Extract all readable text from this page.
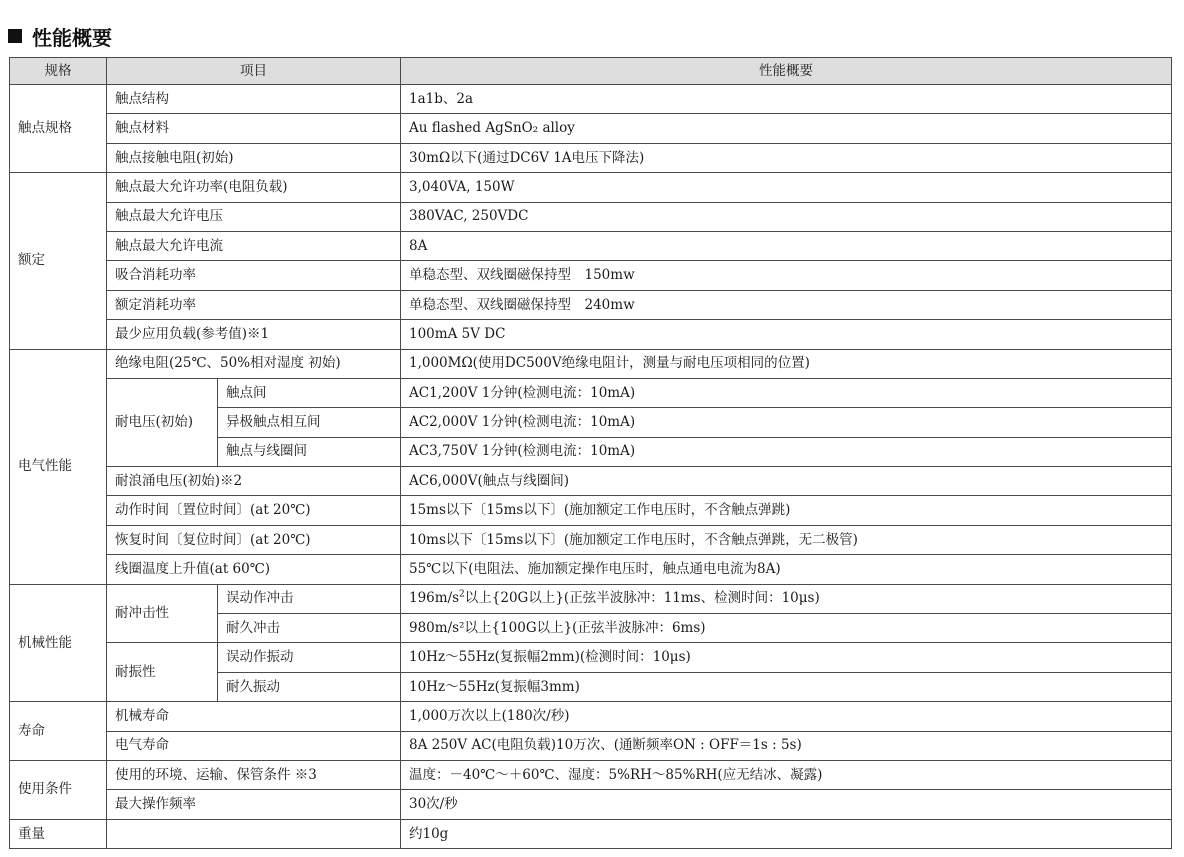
性能概要
规格	项目		性能概要
触点规格	触点结构		1a1b、2a
	触点材料		Au flashed AgSnO₂ alloy
	触点接触电阻(初始)		30mΩ以下(通过DC6V 1A电压下降法)
额定	触点最大允许功率(电阻负载)		3,040VA, 150W
	触点最大允许电压		380VAC, 250VDC
	触点最大允许电流		8A
	吸合消耗功率		单稳态型、双线圈磁保持型　150mw
	额定消耗功率		单稳态型、双线圈磁保持型　240mw
	最少应用负载(参考值)※1		100mA 5V DC
电气性能	绝缘电阻(25℃、50%相对湿度 初始)		1,000MΩ(使用DC500V绝缘电阻计，测量与耐电压项相同的位置)
	耐电压(初始)	触点间	AC1,200V 1分钟(检测电流：10mA)
		异极触点相互间	AC2,000V 1分钟(检测电流：10mA)
		触点与线圈间	AC3,750V 1分钟(检测电流：10mA)
	耐浪涌电压(初始)※2		AC6,000V(触点与线圈间)
	动作时间〔置位时间〕(at 20℃)		15ms以下〔15ms以下〕(施加额定工作电压时，不含触点弹跳)
	恢复时间〔复位时间〕(at 20℃)		10ms以下〔15ms以下〕(施加额定工作电压时，不含触点弹跳，无二极管)
	线圈温度上升值(at 60℃)		55℃以下(电阻法、施加额定操作电压时，触点通电电流为8A)
机械性能	耐冲击性	误动作冲击	$196m/s^2$以上{20G以上}(正弦半波脉冲：11ms、检测时间：10μs)
		耐久冲击	980m/s²以上{100G以上}(正弦半波脉冲：6ms)
	耐振性	误动作振动	10Hz～55Hz(复振幅2mm)(检测时间：10μs)
		耐久振动	10Hz～55Hz(复振幅3mm)
寿命	机械寿命		1,000万次以上(180次/秒)
	电气寿命		8A 250V AC(电阻负载)10万次、(通断频率ON : OFF＝1s : 5s)
使用条件	使用的环境、运输、保管条件 ※3		温度：－40℃～＋60℃、湿度：5%RH～85%RH(应无结冰、凝露)
	最大操作频率		30次/秒
重量			约10g
